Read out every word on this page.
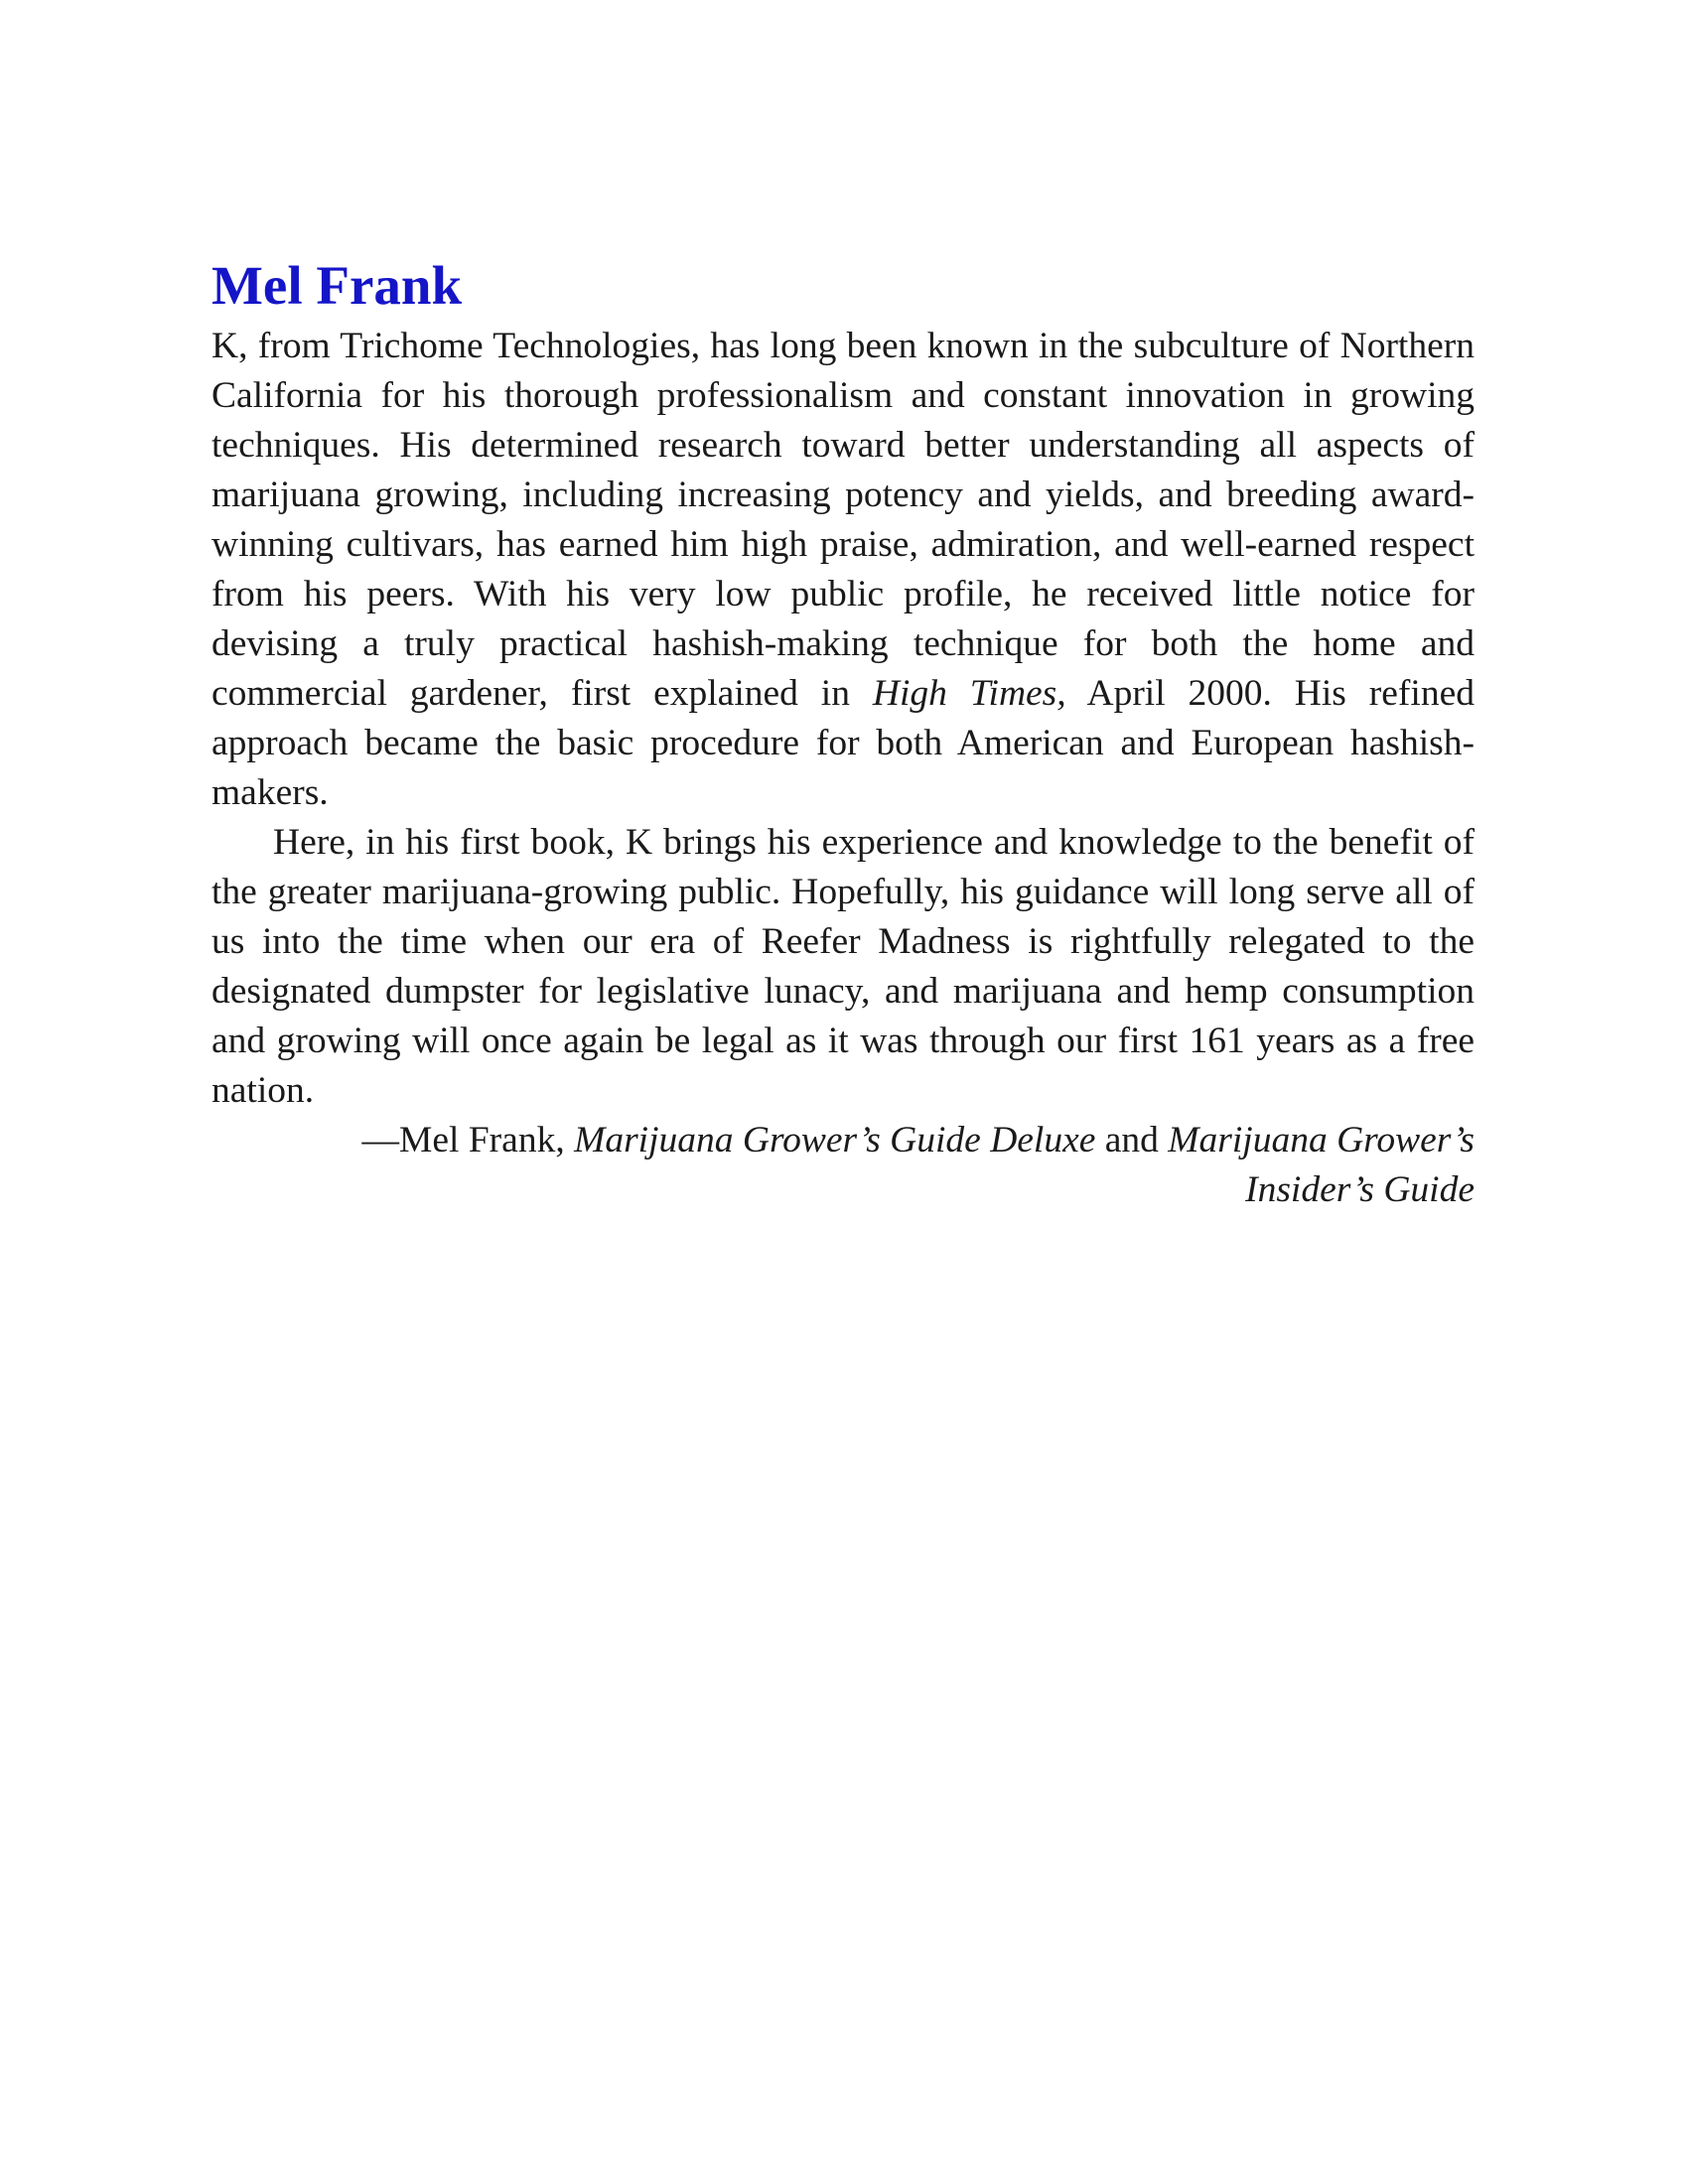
Mel Frank

K, from Trichome Technologies, has long been known in the subculture of Northern California for his thorough professionalism and constant innovation in growing techniques. His determined research toward better understanding all aspects of marijuana growing, including increasing potency and yields, and breeding award-winning cultivars, has earned him high praise, admiration, and well-earned respect from his peers. With his very low public profile, he received little notice for devising a truly practical hashish-making technique for both the home and commercial gardener, first explained in High Times, April 2000. His refined approach became the basic procedure for both American and European hashish-makers.

Here, in his first book, K brings his experience and knowledge to the benefit of the greater marijuana-growing public. Hopefully, his guidance will long serve all of us into the time when our era of Reefer Madness is rightfully relegated to the designated dumpster for legislative lunacy, and marijuana and hemp consumption and growing will once again be legal as it was through our first 161 years as a free nation.

—Mel Frank, Marijuana Grower’s Guide Deluxe and Marijuana Grower’s Insider’s Guide
